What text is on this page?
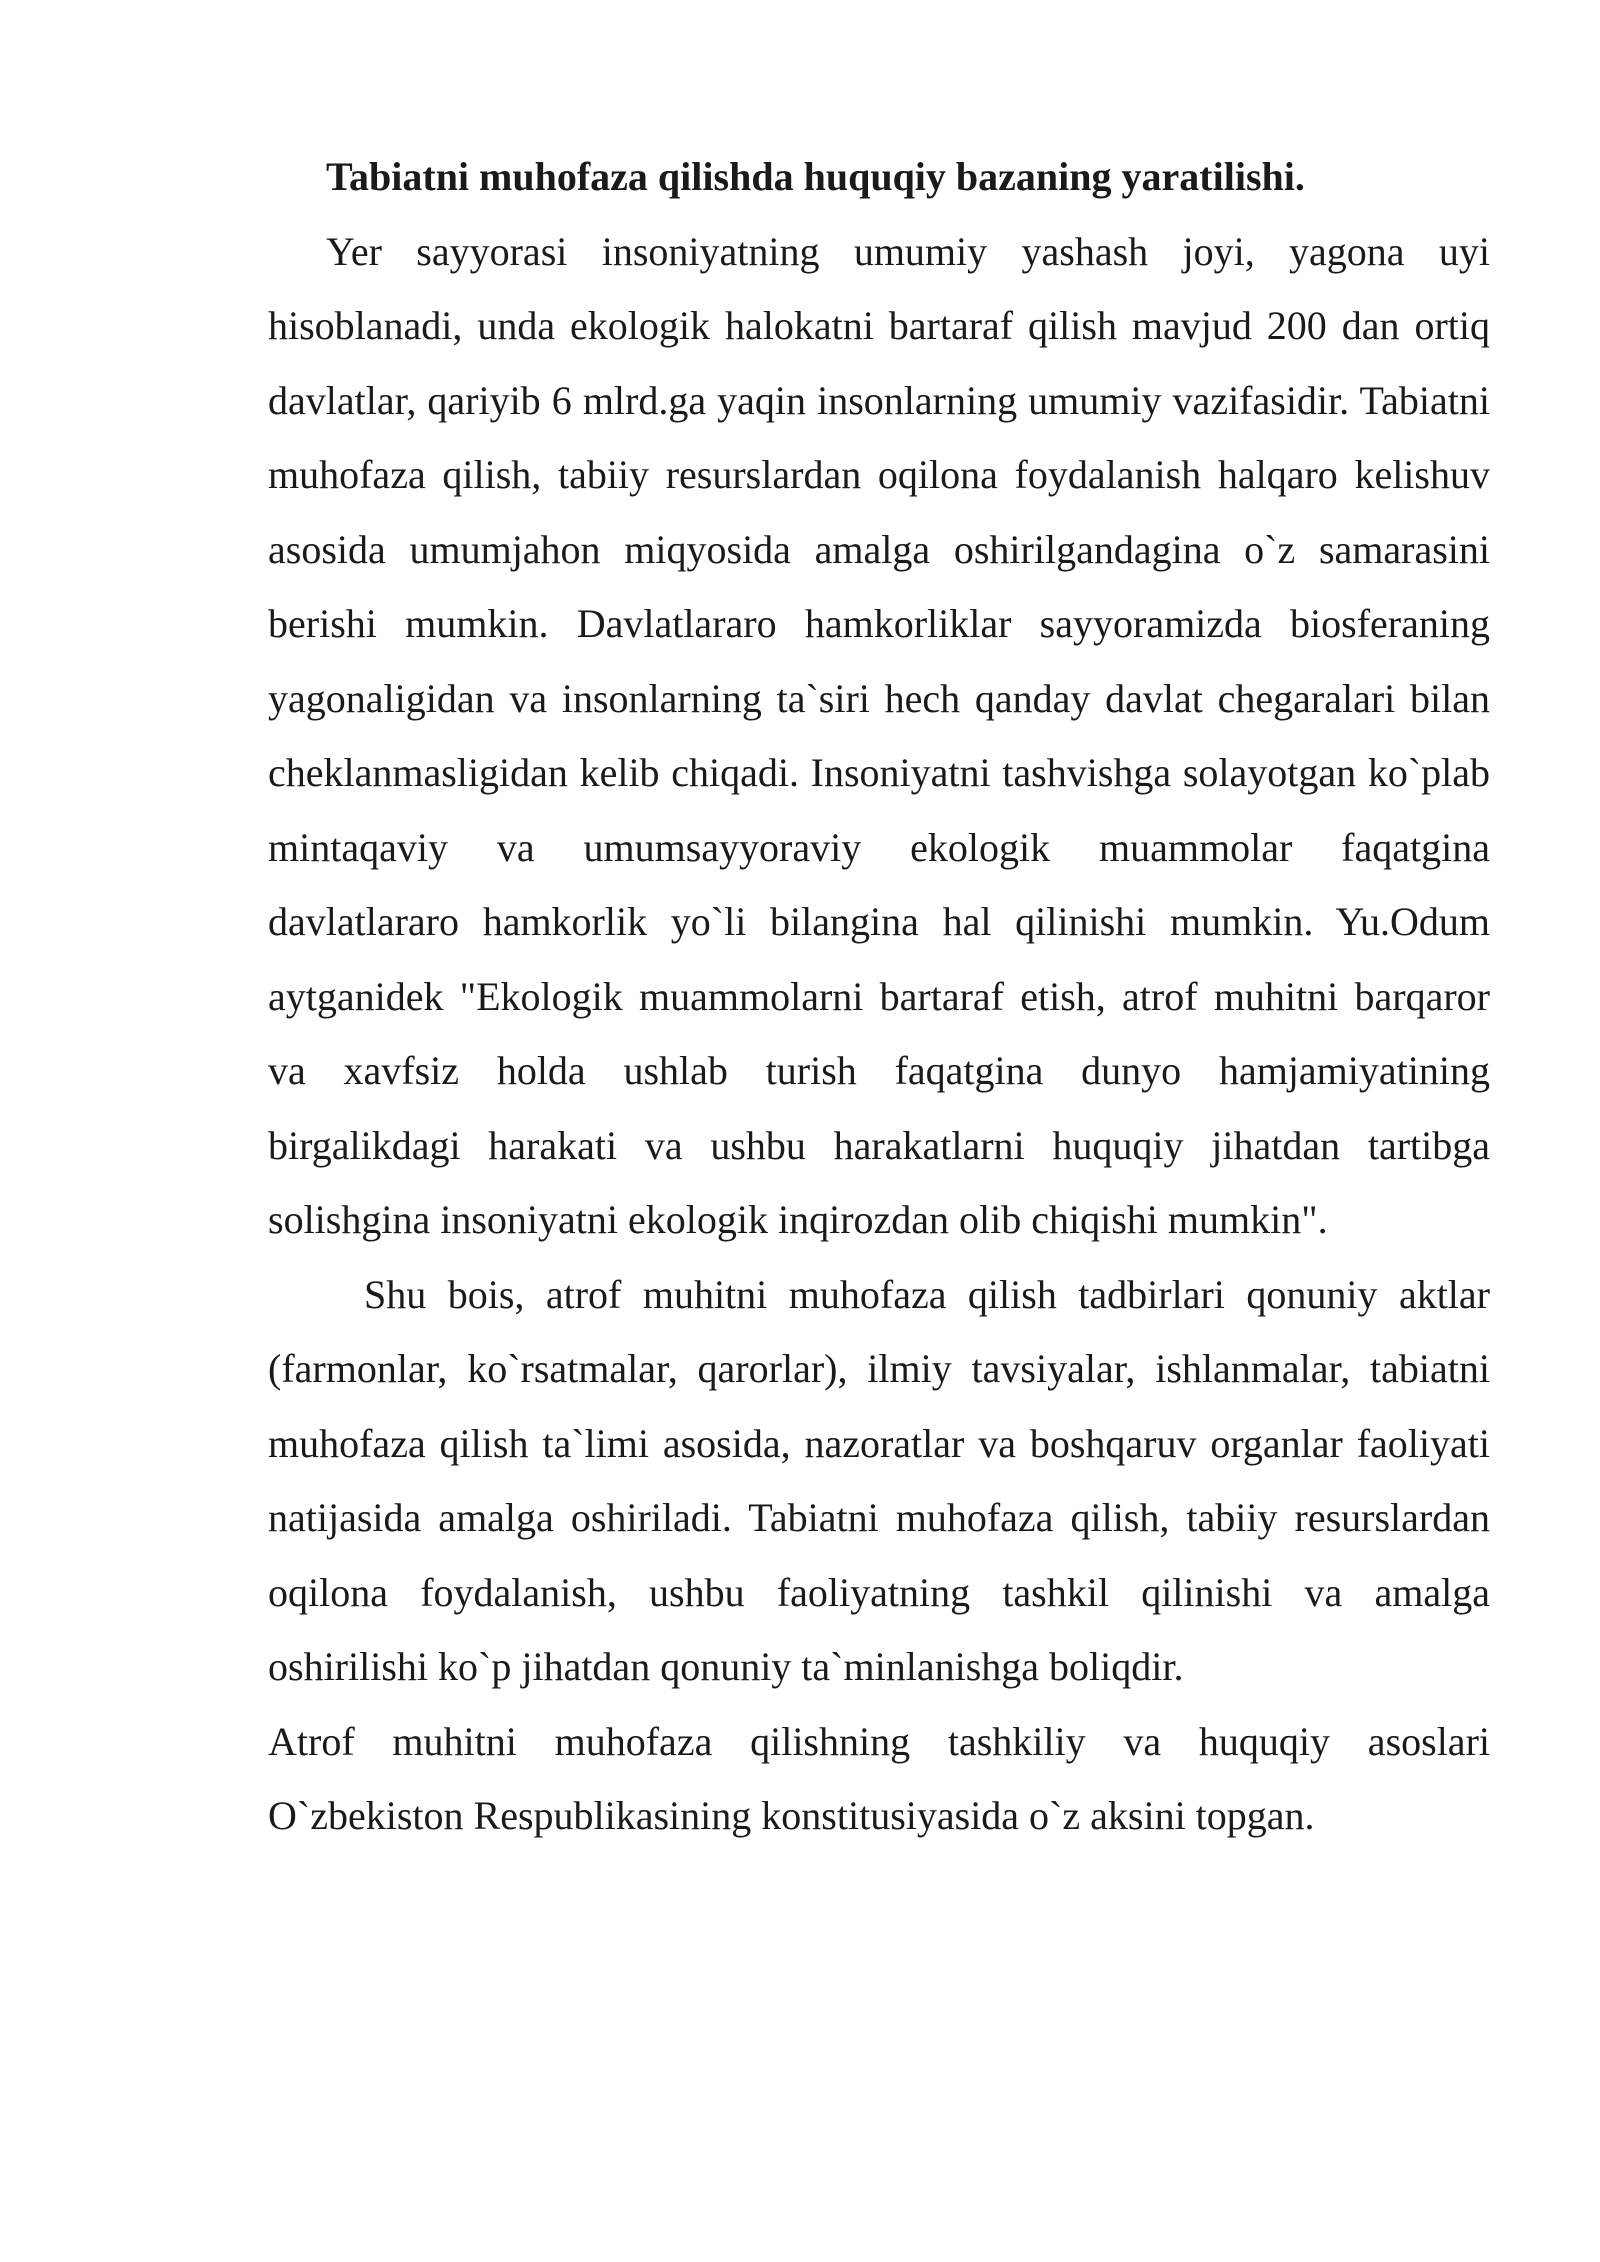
Tabiatni muhofaza qilishda huquqiy bazaning yaratilishi.

Yer sayyorasi insoniyatning umumiy yashash joyi, yagona uyi hisoblanadi, unda ekologik halokatni bartaraf qilish mavjud 200 dan ortiq davlatlar, qariyib 6 mlrd.ga yaqin insonlarning umumiy vazifasidir. Tabiatni muhofaza qilish, tabiiy resurslardan oqilona foydalanish halqaro kelishuv asosida umumjahon miqyosida amalga oshirilgandagina o`z samarasini berishi mumkin. Davlatlararo hamkorliklar sayyoramizda biosferaning yagonaligidan va insonlarning ta`siri hech qanday davlat chegaralari bilan cheklanmasligidan kelib chiqadi. Insoniyatni tashvishga solayotgan ko`plab mintaqaviy va umumsayyoraviy ekologik muammolar faqatgina davlatlararo hamkorlik yo`li bilangina hal qilinishi mumkin. Yu.Odum aytganidek "Ekologik muammolarni bartaraf etish, atrof muhitni barqaror va xavfsiz holda ushlab turish faqatgina dunyo hamjamiyatining birgalikdagi harakati va ushbu harakatlarni huquqiy jihatdan tartibga solishgina insoniyatni ekologik inqirozdan olib chiqishi mumkin".

Shu bois, atrof muhitni muhofaza qilish tadbirlari qonuniy aktlar (farmonlar, ko`rsatmalar, qarorlar), ilmiy tavsiyalar, ishlanmalar, tabiatni muhofaza qilish ta`limi asosida, nazoratlar va boshqaruv organlar faoliyati natijasida amalga oshiriladi. Tabiatni muhofaza qilish, tabiiy resurslardan oqilona foydalanish, ushbu faoliyatning tashkil qilinishi va amalga oshirilishi ko`p jihatdan qonuniy ta`minlanishga boliqdir.

Atrof muhitni muhofaza qilishning tashkiliy va huquqiy asoslari O`zbekiston Respublikasining konstitusiyasida o`z aksini topgan.
